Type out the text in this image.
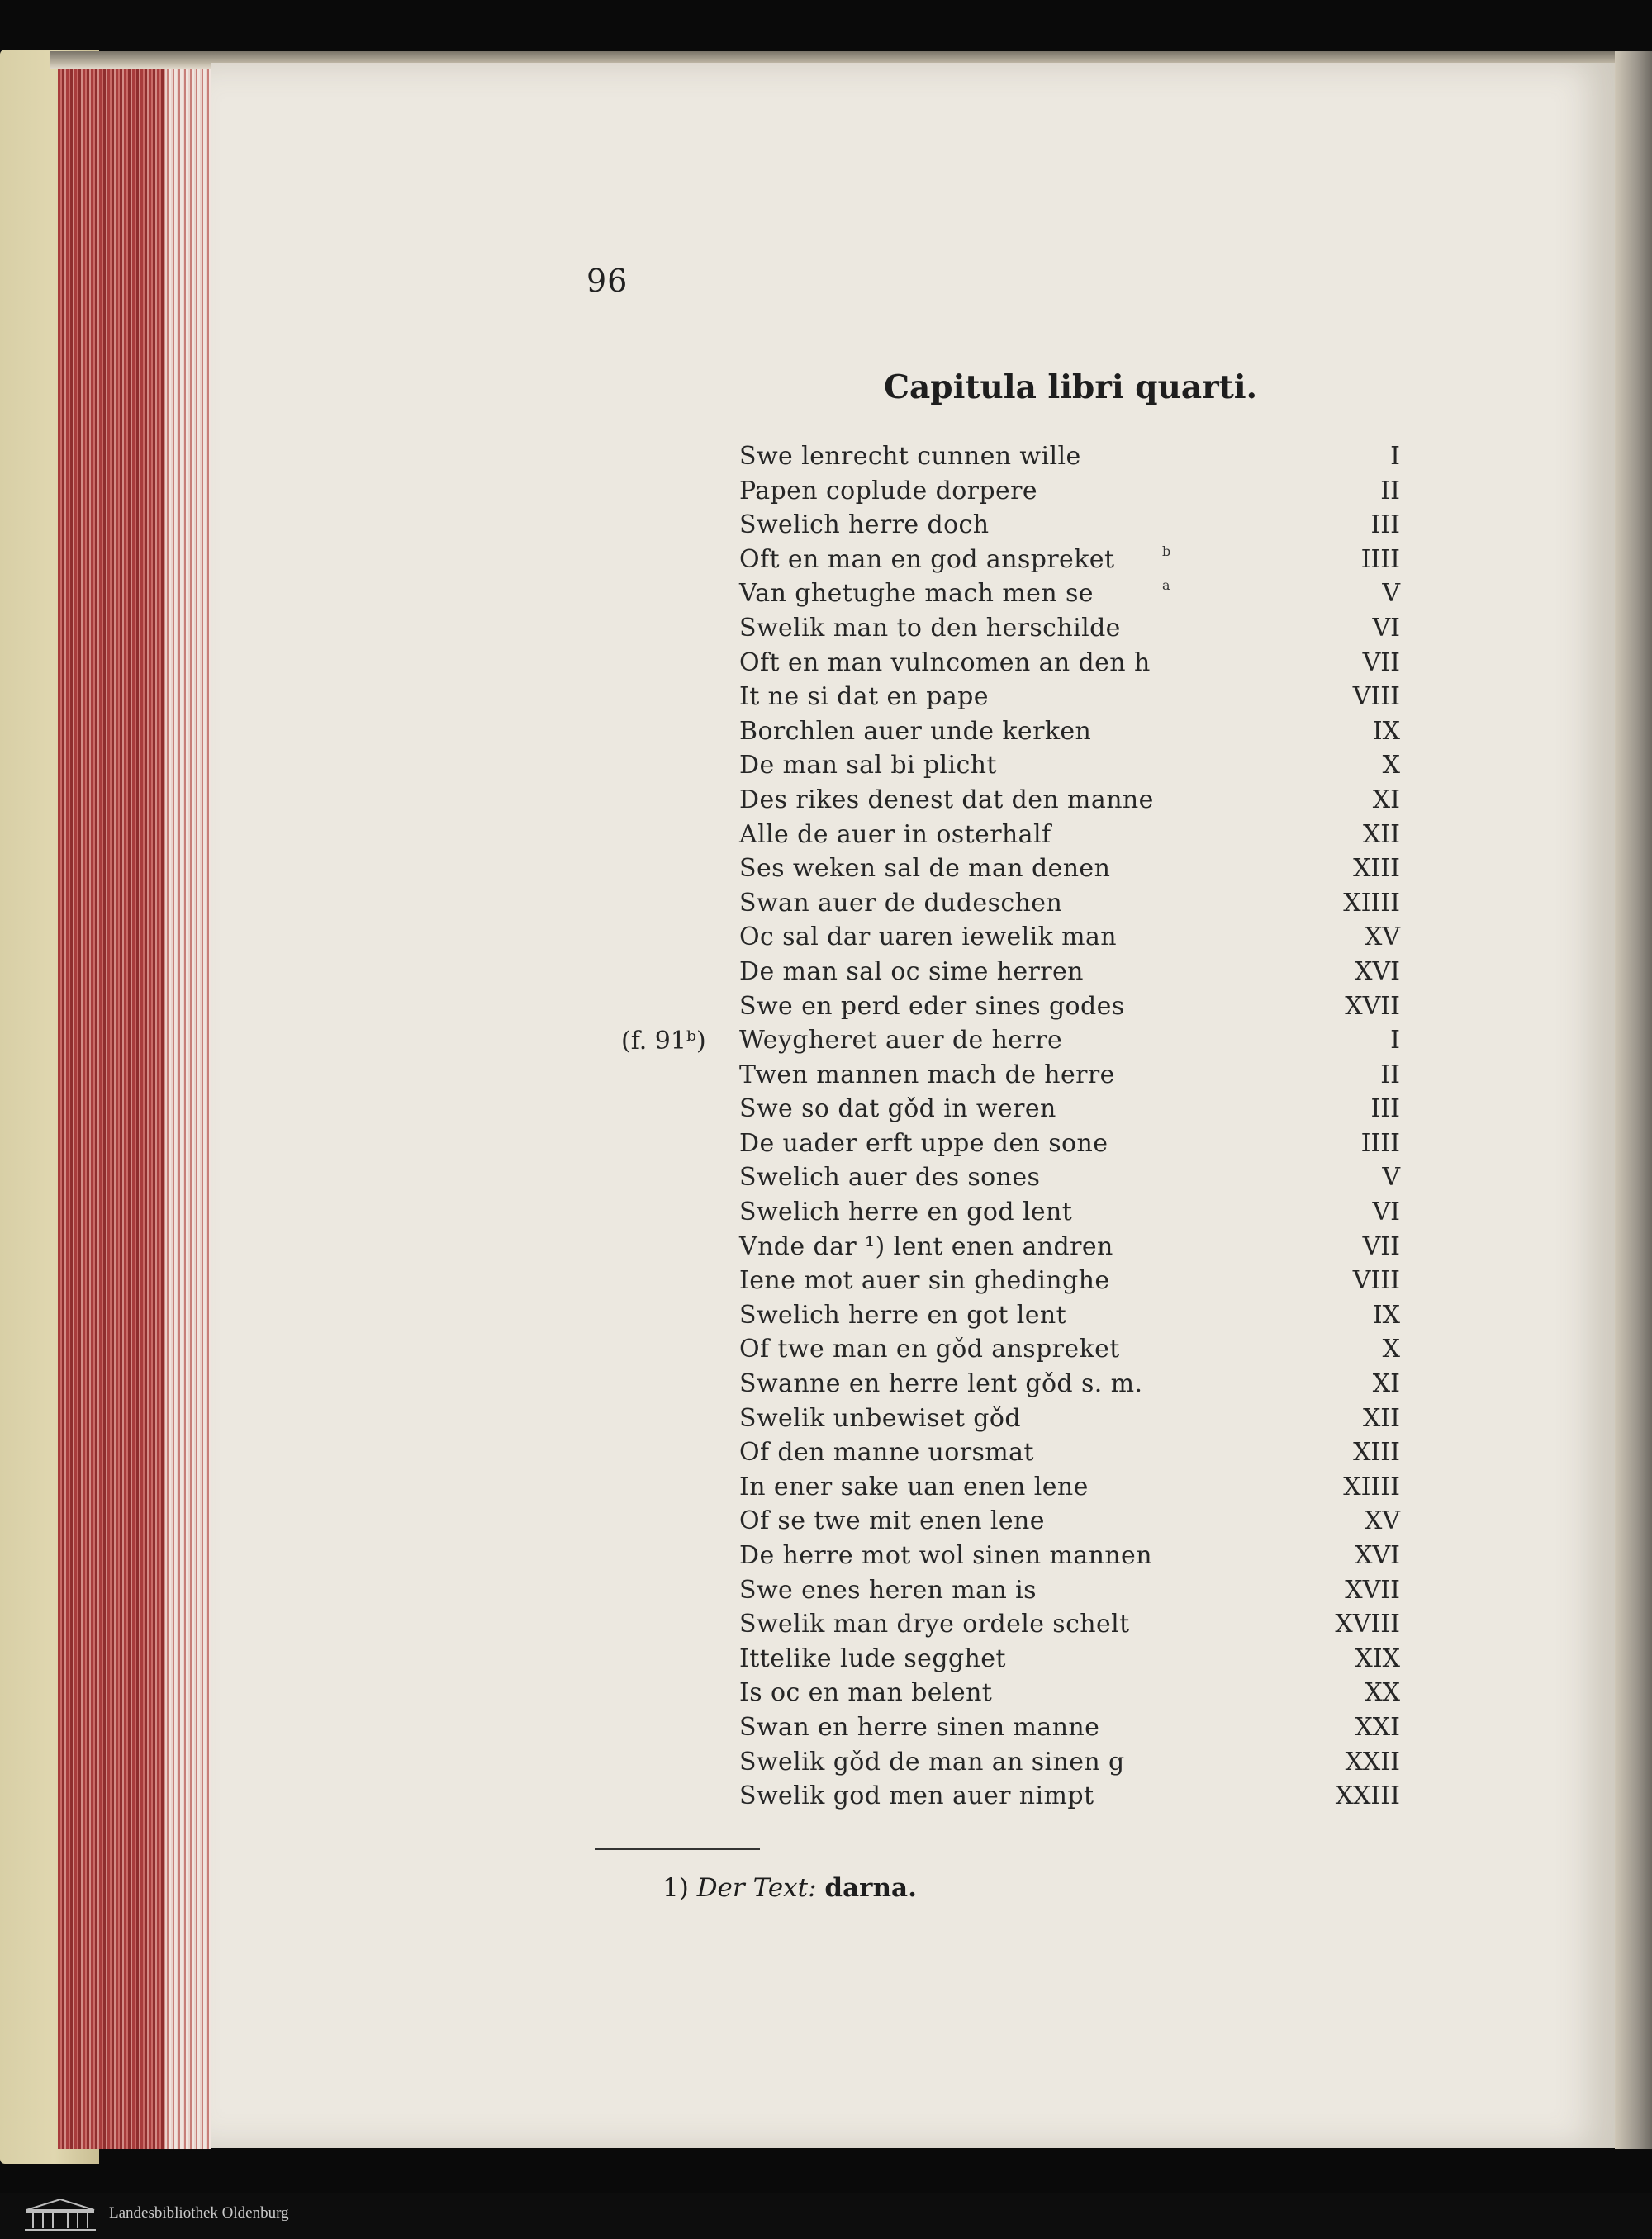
96
Capitula libri quarti.
(f. 91ᵇ)
Swe lenrecht cunnen wille	I
Papen coplude dorpere	II
Swelich herre doch	III
Oft en man en god anspreket	b	IIII
Van ghetughe mach men se	a	V
Swelik man to den herschilde	VI
Oft en man vulncomen an den h	VII
It ne si dat en pape	VIII
Borchlen auer unde kerken	IX
De man sal bi plicht	X
Des rikes denest dat den manne	XI
Alle de auer in osterhalf	XII
Ses weken sal de man denen	XIII
Swan auer de dudeschen	XIIII
Oc sal dar uaren iewelik man	XV
De man sal oc sime herren	XVI
Swe en perd eder sines godes	XVII
Weygheret auer de herre	I
Twen mannen mach de herre	II
Swe so dat gǒd in weren	III
De uader erft uppe den sone	IIII
Swelich auer des sones	V
Swelich herre en god lent	VI
Vnde dar ¹) lent enen andren	VII
Iene mot auer sin ghedinghe	VIII
Swelich herre en got lent	IX
Of twe man en gǒd anspreket	X
Swanne en herre lent gǒd s. m.	XI
Swelik unbewiset gǒd	XII
Of den manne uorsmat	XIII
In ener sake uan enen lene	XIIII
Of se twe mit enen lene	XV
De herre mot wol sinen mannen	XVI
Swe enes heren man is	XVII
Swelik man drye ordele schelt	XVIII
Ittelike lude segghet	XIX
Is oc en man belent	XX
Swan en herre sinen manne	XXI
Swelik gǒd de man an sinen g	XXII
Swelik god men auer nimpt	XXIII
1) Der Text: darna.
Landesbibliothek Oldenburg
